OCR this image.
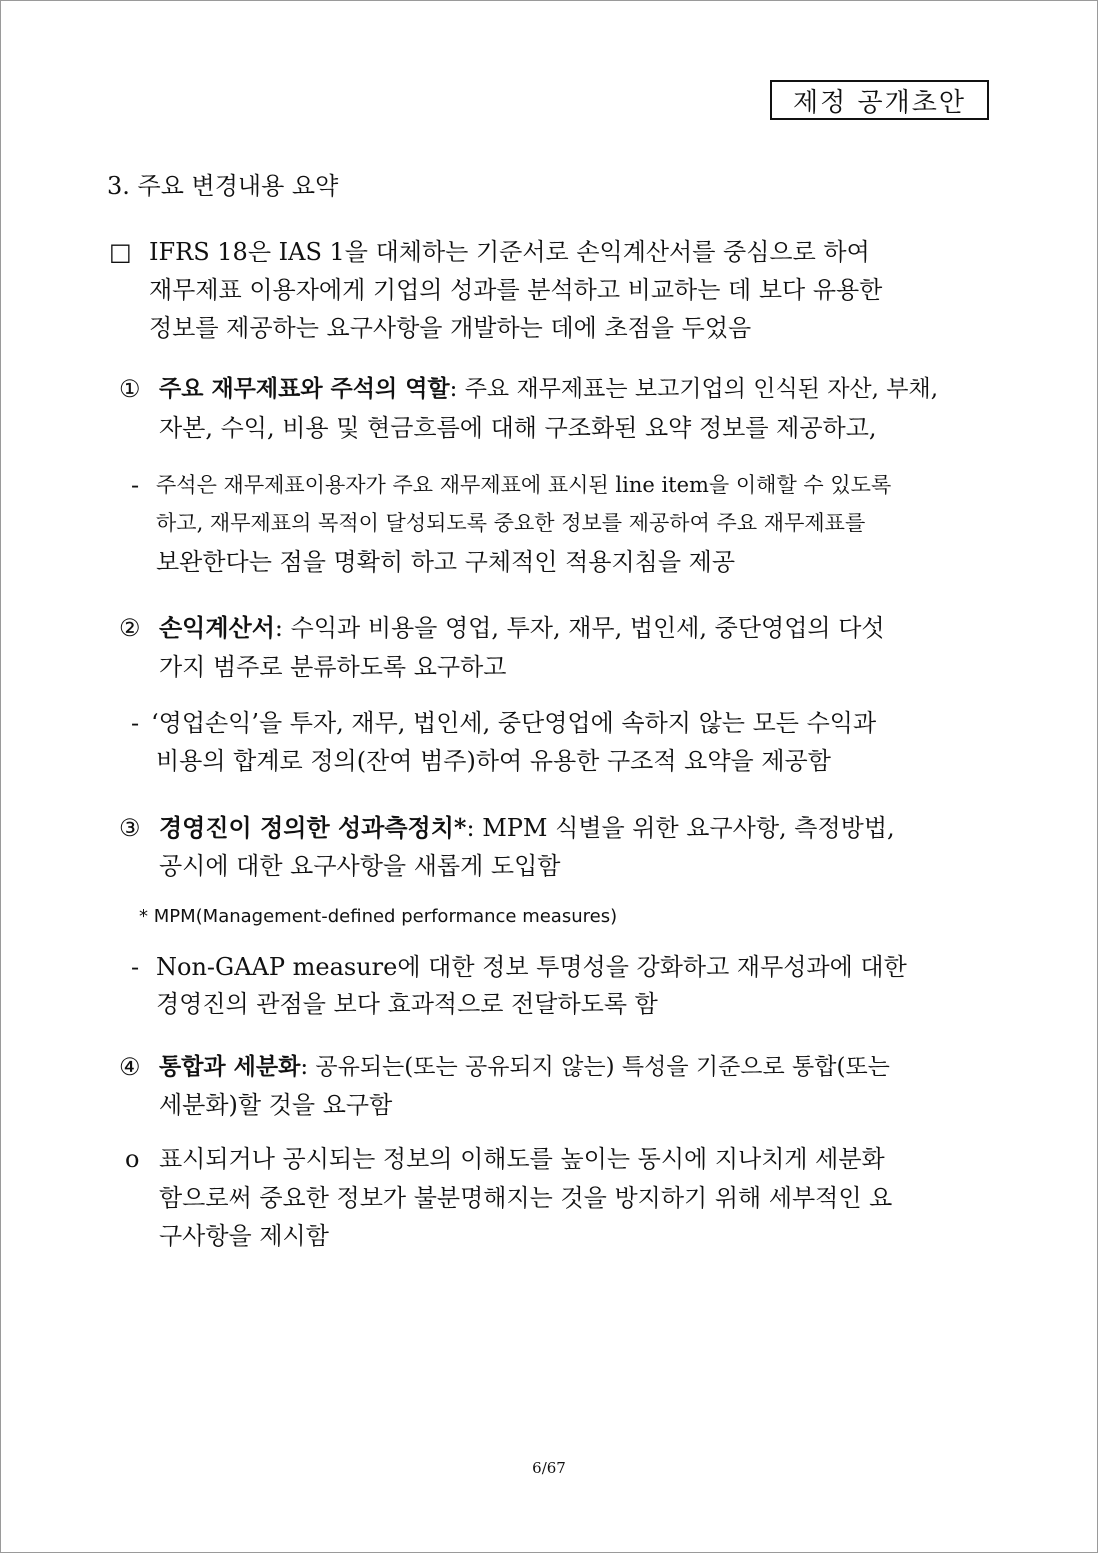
제정 공개초안
3. 주요 변경내용 요약
□ IFRS 18은 IAS 1을 대체하는 기준서로 손익계산서를 중심으로 하여
재무제표 이용자에게 기업의 성과를 분석하고 비교하는 데 보다 유용한
정보를 제공하는 요구사항을 개발하는 데에 초점을 두었음
① 주요 재무제표와 주석의 역할: 주요 재무제표는 보고기업의 인식된 자산, 부채,
자본, 수익, 비용 및 현금흐름에 대해 구조화된 요약 정보를 제공하고,
- 주석은 재무제표이용자가 주요 재무제표에 표시된 line item을 이해할 수 있도록
하고, 재무제표의 목적이 달성되도록 중요한 정보를 제공하여 주요 재무제표를
보완한다는 점을 명확히 하고 구체적인 적용지침을 제공
② 손익계산서: 수익과 비용을 영업, 투자, 재무, 법인세, 중단영업의 다섯
가지 범주로 분류하도록 요구하고
- ‘영업손익’을 투자, 재무, 법인세, 중단영업에 속하지 않는 모든 수익과
비용의 합계로 정의(잔여 범주)하여 유용한 구조적 요약을 제공함
③ 경영진이 정의한 성과측정치*: MPM 식별을 위한 요구사항, 측정방법,
공시에 대한 요구사항을 새롭게 도입함
* MPM(Management-defined performance measures)
- Non-GAAP measure에 대한 정보 투명성을 강화하고 재무성과에 대한
경영진의 관점을 보다 효과적으로 전달하도록 함
④ 통합과 세분화: 공유되는(또는 공유되지 않는) 특성을 기준으로 통합(또는
세분화)할 것을 요구함
o 표시되거나 공시되는 정보의 이해도를 높이는 동시에 지나치게 세분화
함으로써 중요한 정보가 불분명해지는 것을 방지하기 위해 세부적인 요
구사항을 제시함
6/67
